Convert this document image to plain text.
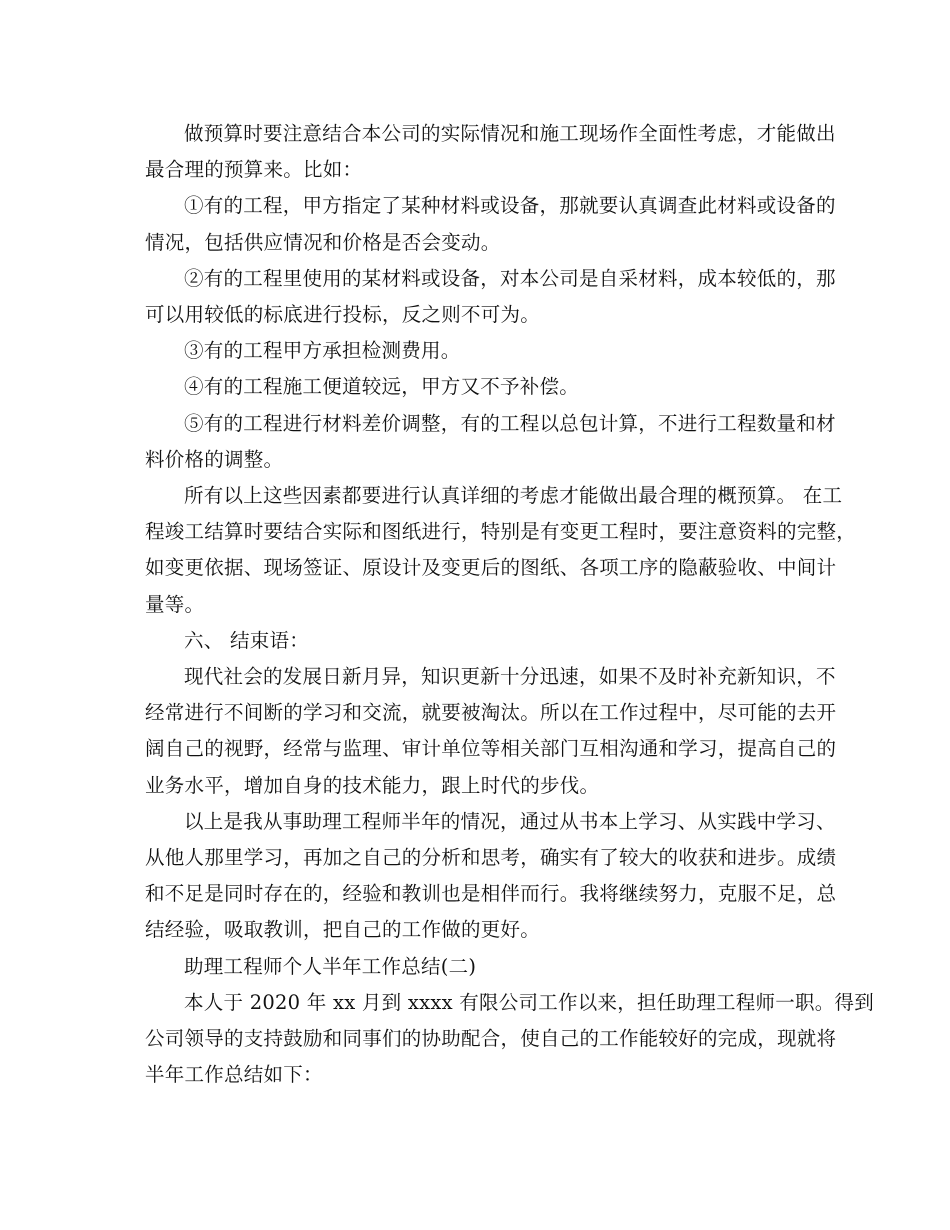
做预算时要注意结合本公司的实际情况和施工现场作全面性考虑，才能做出
最合理的预算来。比如：

①有的工程，甲方指定了某种材料或设备，那就要认真调查此材料或设备的
情况，包括供应情况和价格是否会变动。

②有的工程里使用的某材料或设备，对本公司是自采材料，成本较低的，那
可以用较低的标底进行投标，反之则不可为。

③有的工程甲方承担检测费用。

④有的工程施工便道较远，甲方又不予补偿。

⑤有的工程进行材料差价调整，有的工程以总包计算，不进行工程数量和材
料价格的调整。

所有以上这些因素都要进行认真详细的考虑才能做出最合理的概预算。 在工
程竣工结算时要结合实际和图纸进行，特别是有变更工程时，要注意资料的完整，
如变更依据、现场签证、原设计及变更后的图纸、各项工序的隐蔽验收、中间计
量等。

六、 结束语：

现代社会的发展日新月异，知识更新十分迅速，如果不及时补充新知识，不
经常进行不间断的学习和交流，就要被淘汰。所以在工作过程中，尽可能的去开
阔自己的视野，经常与监理、审计单位等相关部门互相沟通和学习，提高自己的
业务水平，增加自身的技术能力，跟上时代的步伐。

以上是我从事助理工程师半年的情况，通过从书本上学习、从实践中学习、
从他人那里学习，再加之自己的分析和思考，确实有了较大的收获和进步。成绩
和不足是同时存在的，经验和教训也是相伴而行。我将继续努力，克服不足，总
结经验，吸取教训，把自己的工作做的更好。

助理工程师个人半年工作总结(二)

本人于 2020 年 xx 月到 xxxx 有限公司工作以来，担任助理工程师一职。得到
公司领导的支持鼓励和同事们的协助配合，使自己的工作能较好的完成，现就将
半年工作总结如下：
